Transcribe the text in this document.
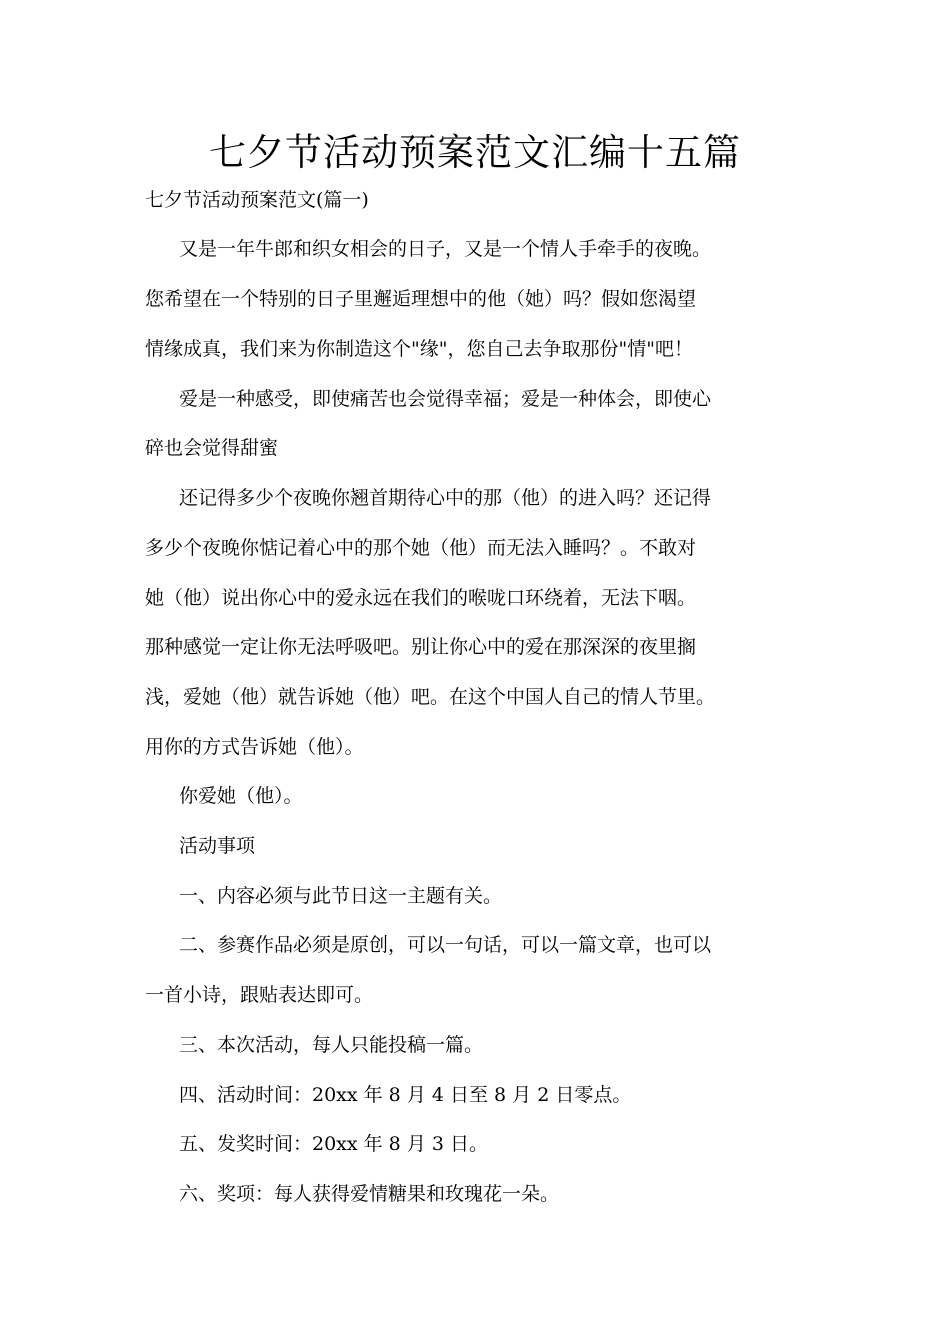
七夕节活动预案范文汇编十五篇

七夕节活动预案范文(篇一)

又是一年牛郎和织女相会的日子，又是一个情人手牵手的夜晚。

您希望在一个特别的日子里邂逅理想中的他（她）吗？假如您渴望

情缘成真，我们来为你制造这个"缘"，您自己去争取那份"情"吧！

爱是一种感受，即使痛苦也会觉得幸福；爱是一种体会，即使心

碎也会觉得甜蜜

还记得多少个夜晚你翘首期待心中的那（他）的进入吗？还记得

多少个夜晚你惦记着心中的那个她（他）而无法入睡吗？。不敢对

她（他）说出你心中的爱永远在我们的喉咙口环绕着，无法下咽。

那种感觉一定让你无法呼吸吧。别让你心中的爱在那深深的夜里搁

浅，爱她（他）就告诉她（他）吧。在这个中国人自己的情人节里。

用你的方式告诉她（他）。

你爱她（他）。

活动事项

一、内容必须与此节日这一主题有关。

二、参赛作品必须是原创，可以一句话，可以一篇文章，也可以

一首小诗，跟贴表达即可。

三、本次活动，每人只能投稿一篇。

四、活动时间：20xx 年 8 月 4 日至 8 月 2 日零点。

五、发奖时间：20xx 年 8 月 3 日。

六、奖项：每人获得爱情糖果和玫瑰花一朵。
